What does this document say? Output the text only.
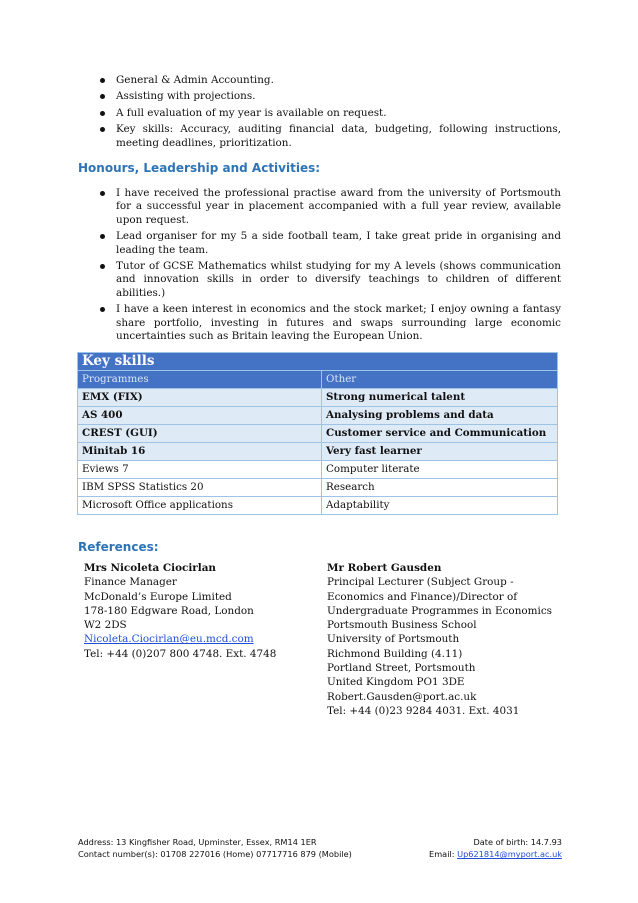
General & Admin Accounting.
Assisting with projections.
A full evaluation of my year is available on request.
Key skills: Accuracy, auditing financial data, budgeting, following instructions, meeting deadlines, prioritization.
Honours, Leadership and Activities:
I have received the professional practise award from the university of Portsmouth for a successful year in placement accompanied with a full year review, available upon request.
Lead organiser for my 5 a side football team, I take great pride in organising and leading the team.
Tutor of GCSE Mathematics whilst studying for my A levels (shows communication and innovation skills in order to diversify teachings to children of different abilities.)
I have a keen interest in economics and the stock market; I enjoy owning a fantasy share portfolio, investing in futures and swaps surrounding large economic uncertainties such as Britain leaving the European Union.
Key skills	
Programmes	Other
EMX (FIX)	Strong numerical talent
AS 400	Analysing problems and data
CREST (GUI)	Customer service and Communication
Minitab 16	Very fast learner
Eviews 7	Computer literate
IBM SPSS Statistics 20	Research
Microsoft Office applications	Adaptability
References:
Mrs Nicoleta Ciocirlan
Finance Manager
McDonald’s Europe Limited
178-180 Edgware Road, London
W2 2DS
Nicoleta.Ciocirlan@eu.mcd.com
Tel: +44 (0)207 800 4748. Ext. 4748
Mr Robert Gausden
Principal Lecturer (Subject Group -
Economics and Finance)/Director of
Undergraduate Programmes in Economics
Portsmouth Business School
University of Portsmouth
Richmond Building (4.11)
Portland Street, Portsmouth
United Kingdom PO1 3DE
Robert.Gausden@port.ac.uk
Tel: +44 (0)23 9284 4031. Ext. 4031
Address: 13 Kingfisher Road, Upminster, Essex, RM14 1ER	Date of birth: 14.7.93
Contact number(s): 01708 227016 (Home) 07717716 879 (Mobile)	Email: Up621814@myport.ac.uk
